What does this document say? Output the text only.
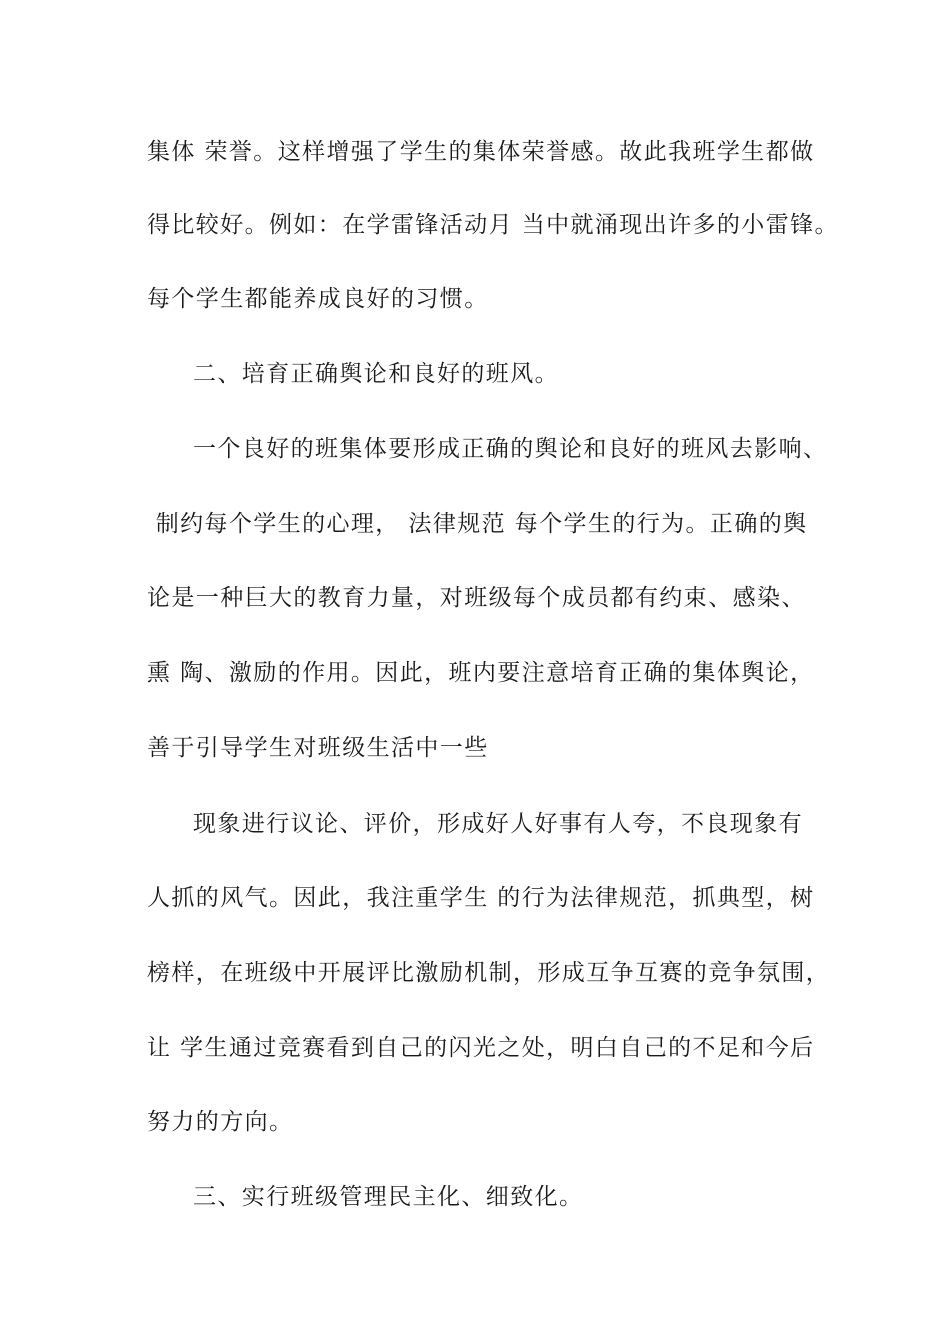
集体 荣誉。这样增强了学生的集体荣誉感。故此我班学生都做
得比较好。例如：在学雷锋活动月 当中就涌现出许多的小雷锋。
每个学生都能养成良好的习惯。
二、培育正确舆论和良好的班风。
一个良好的班集体要形成正确的舆论和良好的班风去影响、
制约每个学生的心理， 法律规范 每个学生的行为。正确的舆
论是一种巨大的教育力量，对班级每个成员都有约束、感染、
熏 陶、激励的作用。因此，班内要注意培育正确的集体舆论，
善于引导学生对班级生活中一些
现象进行议论、评价，形成好人好事有人夸，不良现象有
人抓的风气。因此，我注重学生 的行为法律规范，抓典型，树
榜样，在班级中开展评比激励机制，形成互争互赛的竞争氛围，
让 学生通过竞赛看到自己的闪光之处，明白自己的不足和今后
努力的方向。
三、实行班级管理民主化、细致化。
